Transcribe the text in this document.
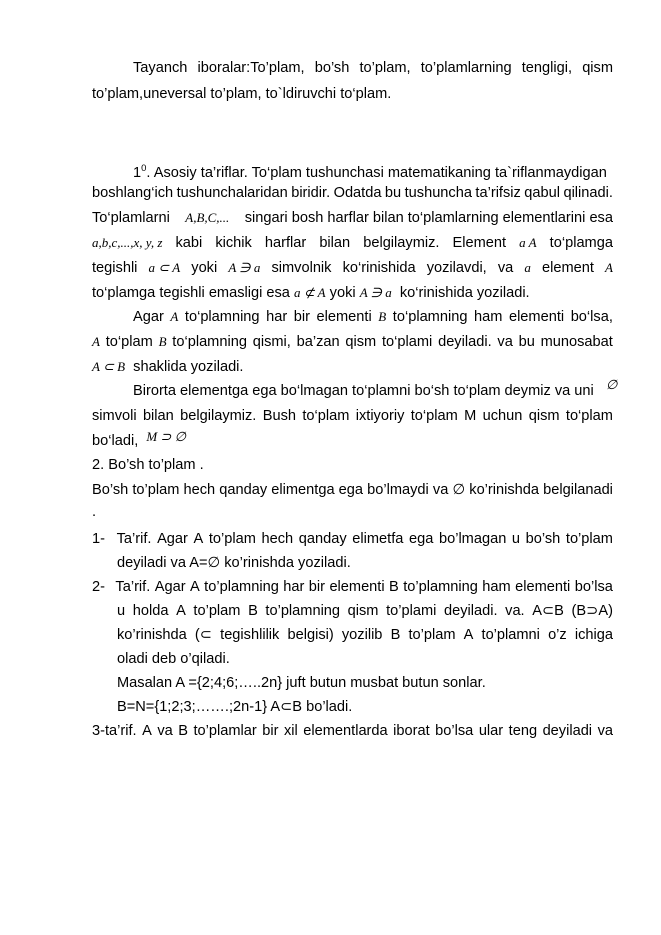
Tayanch iboralar:To’plam, bo’sh to’plam, to’plamlarning tengligi, qism
to’plam,uneversal to’plam, to`ldiruvchi to‘plam.
$1^0$. Asosiy ta’riflar. To‘plam tushunchasi matematikaning ta`riflanmaydigan
boshlang‘ich tushunchalaridan biridir. Odatda bu tushuncha ta’rifsiz qabul qilinadi.
To‘plamlarni A,B,C,... singari bosh harflar bilan to‘plamlarning elementlarini esa
a,b,c,...,x, y, z kabi kichik harflar bilan belgilaymiz. Element a A to‘plamga
tegishli a ⊂ A yoki A ∋ a simvolnik ko‘rinishida yozilavdi, va a element A
to‘plamga tegishli emasligi esa a ⊄ A yoki A ∋ a ko‘rinishida yoziladi.
Agar A to‘plamning har bir elementi B to‘plamning ham elementi bo‘lsa,
A to‘plam B to‘plamning qismi, ba’zan qism to‘plami deyiladi. va bu munosabat
A ⊂ B shaklida yoziladi.
Birorta elementga ega bo‘lmagan to‘plamni bo‘sh to‘plam deymiz va uni ∅
simvoli bilan belgilaymiz. Bush to‘plam ixtiyoriy to‘plam M uchun qism to‘plam
bo‘ladi, M ⊃ ∅
2. Bo’sh to’plam .
Bo’sh to’plam hech qanday elimentga ega bo’lmaydi va ∅ ko’rinishda belgilanadi
.
1- Ta’rif. Agar A to’plam hech qanday elimetfa ega bo’lmagan u bo’sh to’plam
deyiladi va A=∅ ko’rinishda yoziladi.
2- Ta’rif. Agar A to’plamning har bir elementi B to’plamning ham elementi bo’lsa
u holda A to’plam B to’plamning qism to’plami deyiladi. va. A⊂B (B⊃A)
ko’rinishda (⊂ tegishlilik belgisi) yozilib B to’plam A to’plamni o’z ichiga
oladi deb o’qiladi.
Masalan A ={2;4;6;…..2n} juft butun musbat butun sonlar.
B=N={1;2;3;…….;2n-1} A⊂B bo’ladi.
3-ta’rif. A va B to’plamlar bir xil elementlarda iborat bo’lsa ular teng deyiladi va
